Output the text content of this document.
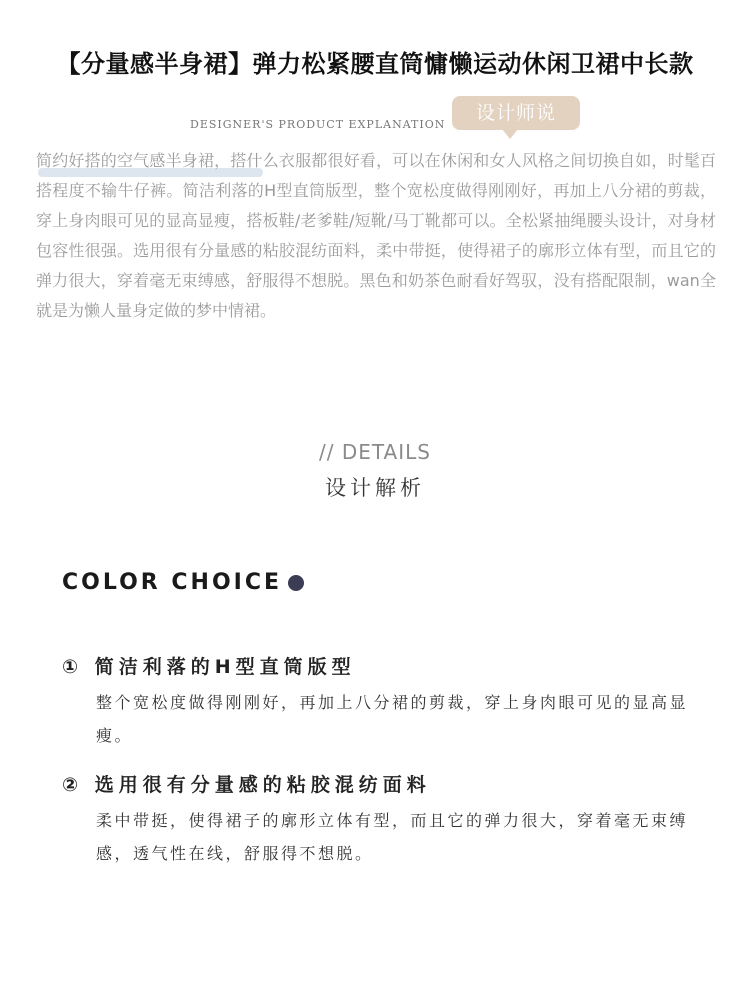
【分量感半身裙】弹力松紧腰直筒慵懒运动休闲卫裙中长款
DESIGNER'S PRODUCT EXPLANATION
设计师说

简约好搭的空气感半身裙，搭什么衣服都很好看，可以在休闲和女人风格之间切换自如，时髦百搭程度不输牛仔裤。简洁利落的H型直筒版型，整个宽松度做得刚刚好，再加上八分裙的剪裁，穿上身肉眼可见的显高显瘦，搭板鞋/老爹鞋/短靴/马丁靴都可以。全松紧抽绳腰头设计，对身材包容性很强。选用很有分量感的粘胶混纺面料，柔中带挺，使得裙子的廓形立体有型，而且它的弹力很大，穿着毫无束缚感，舒服得不想脱。黑色和奶茶色耐看好驾驭，没有搭配限制，wan全就是为懒人量身定做的梦中情裙。

// DETAILS
设计解析
COLOR CHOICE
① 简洁利落的H型直筒版型

整个宽松度做得刚刚好，再加上八分裙的剪裁，穿上身肉眼可见的显高显瘦。

② 选用很有分量感的粘胶混纺面料

柔中带挺，使得裙子的廓形立体有型，而且它的弹力很大，穿着毫无束缚感，透气性在线，舒服得不想脱。
